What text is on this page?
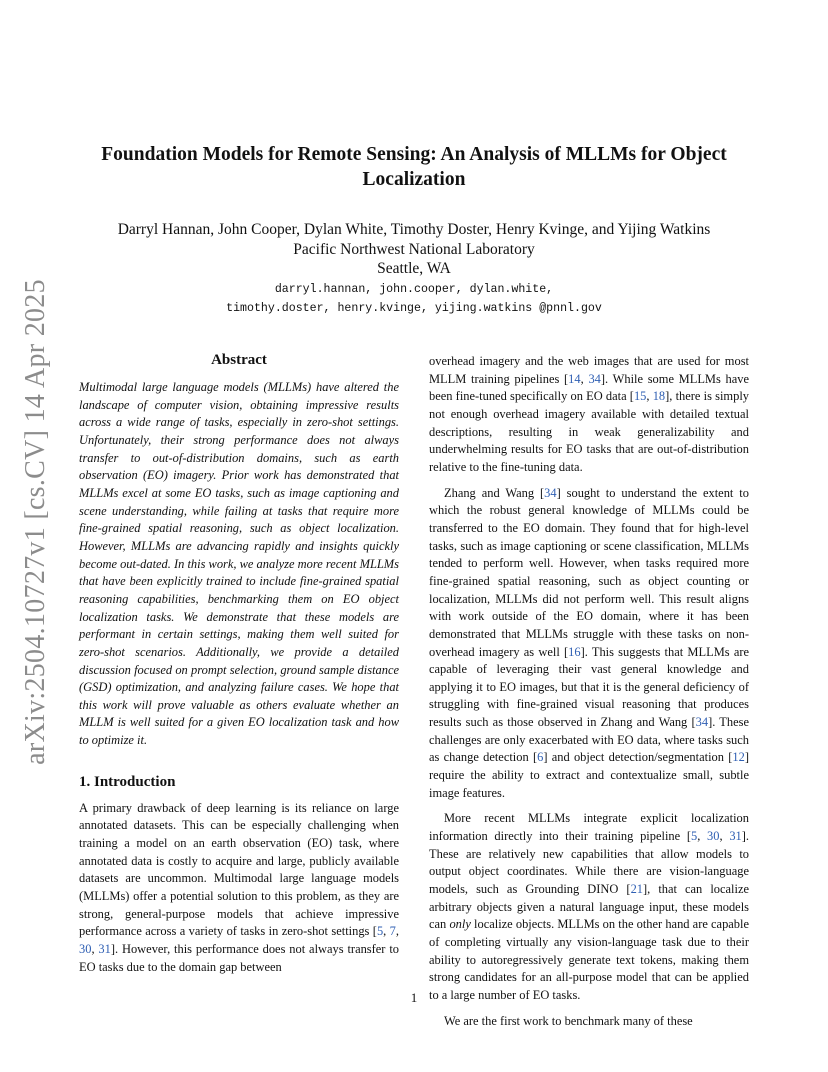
arXiv:2504.10727v1 [cs.CV] 14 Apr 2025
Foundation Models for Remote Sensing: An Analysis of MLLMs for Object Localization
Darryl Hannan, John Cooper, Dylan White, Timothy Doster, Henry Kvinge, and Yijing Watkins
Pacific Northwest National Laboratory
Seattle, WA
darryl.hannan, john.cooper, dylan.white,
timothy.doster, henry.kvinge, yijing.watkins @pnnl.gov
Abstract

Multimodal large language models (MLLMs) have altered the landscape of computer vision, obtaining impressive results across a wide range of tasks, especially in zero-shot settings. Unfortunately, their strong performance does not always transfer to out-of-distribution domains, such as earth observation (EO) imagery. Prior work has demonstrated that MLLMs excel at some EO tasks, such as image captioning and scene understanding, while failing at tasks that require more fine-grained spatial reasoning, such as object localization. However, MLLMs are advancing rapidly and insights quickly become out-dated. In this work, we analyze more recent MLLMs that have been explicitly trained to include fine-grained spatial reasoning capabilities, benchmarking them on EO object localization tasks. We demonstrate that these models are performant in certain settings, making them well suited for zero-shot scenarios. Additionally, we provide a detailed discussion focused on prompt selection, ground sample distance (GSD) optimization, and analyzing failure cases. We hope that this work will prove valuable as others evaluate whether an MLLM is well suited for a given EO localization task and how to optimize it.

1. Introduction

A primary drawback of deep learning is its reliance on large annotated datasets. This can be especially challenging when training a model on an earth observation (EO) task, where annotated data is costly to acquire and large, publicly available datasets are uncommon. Multimodal large language models (MLLMs) offer a potential solution to this problem, as they are strong, general-purpose models that achieve impressive performance across a variety of tasks in zero-shot settings [5, 7, 30, 31]. However, this performance does not always transfer to EO tasks due to the domain gap between

overhead imagery and the web images that are used for most MLLM training pipelines [14, 34]. While some MLLMs have been fine-tuned specifically on EO data [15, 18], there is simply not enough overhead imagery available with detailed textual descriptions, resulting in weak generalizability and underwhelming results for EO tasks that are out-of-distribution relative to the fine-tuning data.

Zhang and Wang [34] sought to understand the extent to which the robust general knowledge of MLLMs could be transferred to the EO domain. They found that for high-level tasks, such as image captioning or scene classification, MLLMs tended to perform well. However, when tasks required more fine-grained spatial reasoning, such as object counting or localization, MLLMs did not perform well. This result aligns with work outside of the EO domain, where it has been demonstrated that MLLMs struggle with these tasks on non-overhead imagery as well [16]. This suggests that MLLMs are capable of leveraging their vast general knowledge and applying it to EO images, but that it is the general deficiency of struggling with fine-grained visual reasoning that produces results such as those observed in Zhang and Wang [34]. These challenges are only exacerbated with EO data, where tasks such as change detection [6] and object detection/segmentation [12] require the ability to extract and contextualize small, subtle image features.

More recent MLLMs integrate explicit localization information directly into their training pipeline [5, 30, 31]. These are relatively new capabilities that allow models to output object coordinates. While there are vision-language models, such as Grounding DINO [21], that can localize arbitrary objects given a natural language input, these models can only localize objects. MLLMs on the other hand are capable of completing virtually any vision-language task due to their ability to autoregressively generate text tokens, making them strong candidates for an all-purpose model that can be applied to a large number of EO tasks.

We are the first work to benchmark many of these

1
